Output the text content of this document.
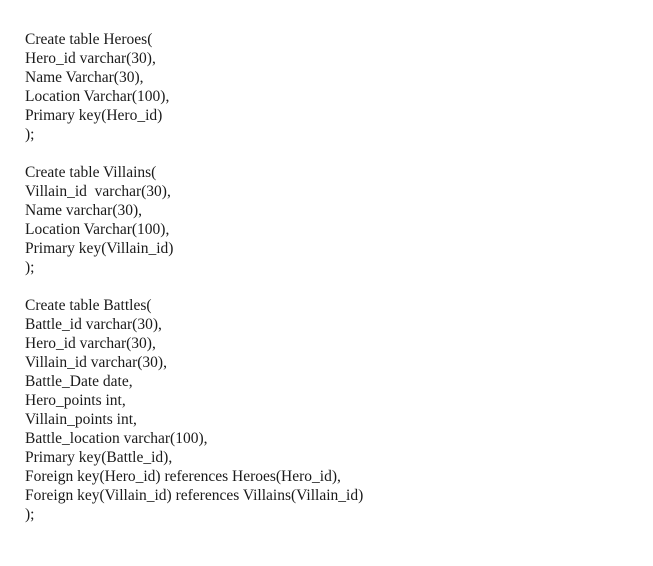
Create table Heroes(
Hero_id varchar(30),
Name Varchar(30),
Location Varchar(100),
Primary key(Hero_id)
);
Create table Villains(
Villain_id  varchar(30),
Name varchar(30),
Location Varchar(100),
Primary key(Villain_id)
);
Create table Battles(
Battle_id varchar(30),
Hero_id varchar(30),
Villain_id varchar(30),
Battle_Date date,
Hero_points int,
Villain_points int,
Battle_location varchar(100),
Primary key(Battle_id),
Foreign key(Hero_id) references Heroes(Hero_id),
Foreign key(Villain_id) references Villains(Villain_id)
);
